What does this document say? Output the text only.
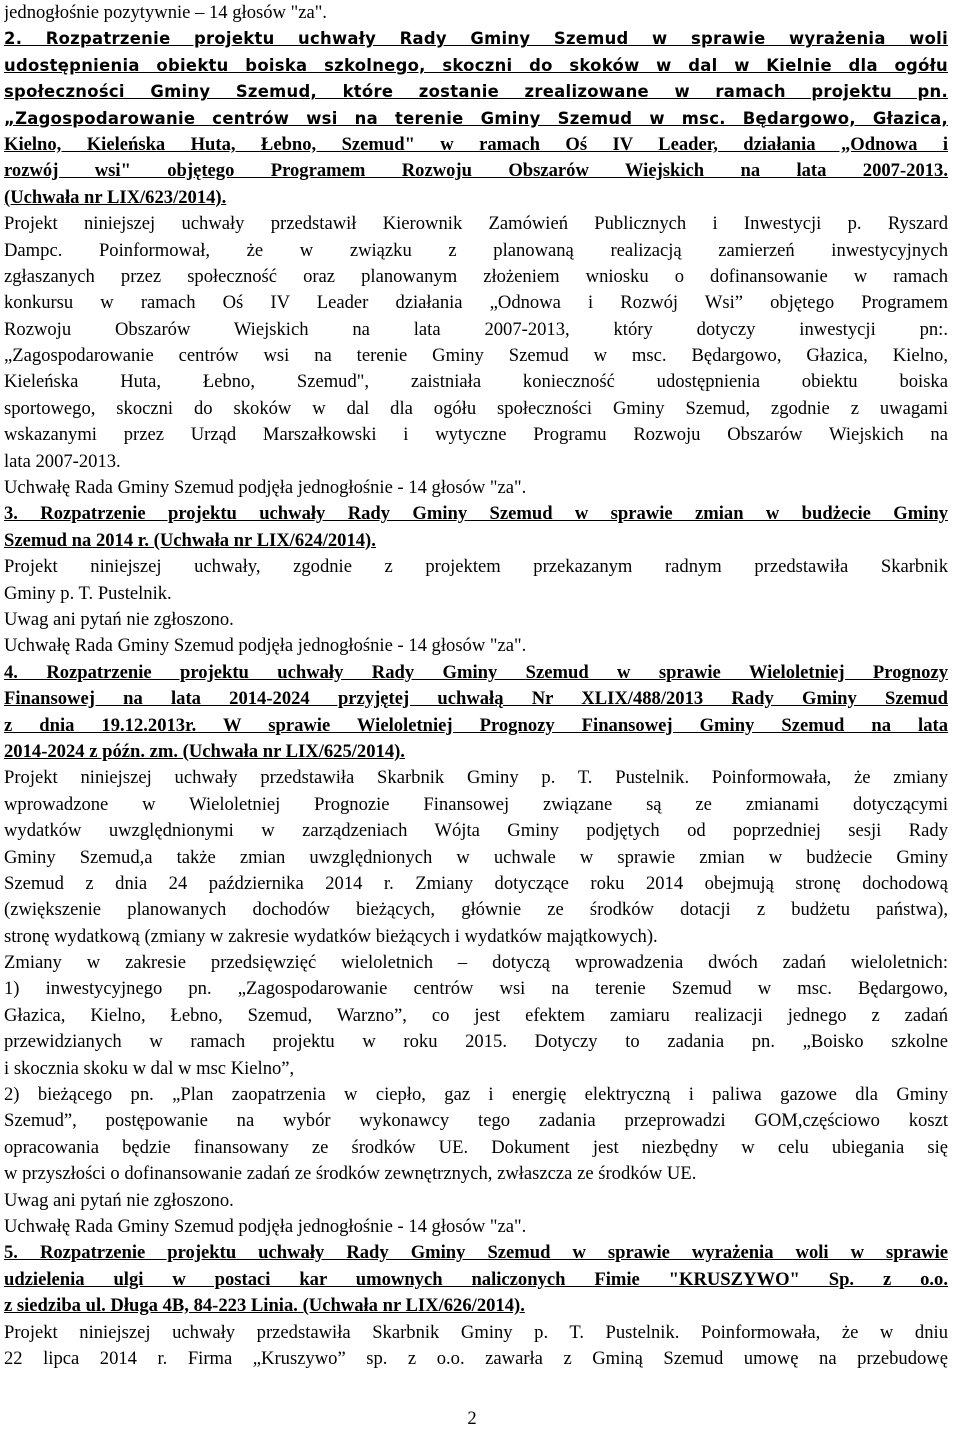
jednogłośnie pozytywnie – 14 głosów "za".
2. Rozpatrzenie projektu uchwały Rady Gminy Szemud w sprawie wyrażenia woli
udostępnienia obiektu boiska szkolnego, skoczni do skoków w dal w Kielnie dla ogółu
społeczności Gminy Szemud, które zostanie zrealizowane w ramach projektu pn.
„Zagospodarowanie centrów wsi na terenie Gminy Szemud w msc. Będargowo, Głazica,
Kielno, Kieleńska Huta, Łebno, Szemud" w ramach Oś IV Leader, działania „Odnowa i
rozwój wsi" objętego Programem Rozwoju Obszarów Wiejskich na lata 2007-2013.
(Uchwała nr LIX/623/2014).
Projekt niniejszej uchwały przedstawił Kierownik Zamówień Publicznych i Inwestycji p. Ryszard
Dampc. Poinformował, że w związku z planowaną realizacją zamierzeń inwestycyjnych
zgłaszanych przez społeczność oraz planowanym złożeniem wniosku o dofinansowanie w ramach
konkursu w ramach Oś IV Leader działania „Odnowa i Rozwój Wsi” objętego Programem
Rozwoju Obszarów Wiejskich na lata 2007-2013, który dotyczy inwestycji pn:.
„Zagospodarowanie centrów wsi na terenie Gminy Szemud w msc. Będargowo, Głazica, Kielno,
Kieleńska Huta, Łebno, Szemud", zaistniała konieczność udostępnienia obiektu boiska
sportowego, skoczni do skoków w dal dla ogółu społeczności Gminy Szemud, zgodnie z uwagami
wskazanymi przez Urząd Marszałkowski i wytyczne Programu Rozwoju Obszarów Wiejskich na
lata 2007-2013.
Uchwałę Rada Gminy Szemud podjęła jednogłośnie - 14 głosów "za".
3. Rozpatrzenie projektu uchwały Rady Gminy Szemud w sprawie zmian w budżecie Gminy
Szemud na 2014 r. (Uchwała nr LIX/624/2014).
Projekt niniejszej uchwały, zgodnie z projektem przekazanym radnym przedstawiła Skarbnik
Gminy p. T. Pustelnik.
Uwag ani pytań nie zgłoszono.
Uchwałę Rada Gminy Szemud podjęła jednogłośnie - 14 głosów "za".
4. Rozpatrzenie projektu uchwały Rady Gminy Szemud w sprawie Wieloletniej Prognozy
Finansowej na lata 2014-2024 przyjętej uchwałą Nr XLIX/488/2013 Rady Gminy Szemud
z dnia 19.12.2013r. W sprawie Wieloletniej Prognozy Finansowej Gminy Szemud na lata
2014-2024 z późn. zm. (Uchwała nr LIX/625/2014).
Projekt niniejszej uchwały przedstawiła Skarbnik Gminy p. T. Pustelnik. Poinformowała, że zmiany
wprowadzone w Wieloletniej Prognozie Finansowej związane są ze zmianami dotyczącymi
wydatków uwzględnionymi w zarządzeniach Wójta Gminy podjętych od poprzedniej sesji Rady
Gminy Szemud,a także zmian uwzględnionych w uchwale w sprawie zmian w budżecie Gminy
Szemud z dnia 24 października 2014 r. Zmiany dotyczące roku 2014 obejmują stronę dochodową
(zwiększenie planowanych dochodów bieżących, głównie ze środków dotacji z budżetu państwa),
stronę wydatkową (zmiany w zakresie wydatków bieżących i wydatków majątkowych).
Zmiany w zakresie przedsięwzięć wieloletnich – dotyczą wprowadzenia dwóch zadań wieloletnich:
1) inwestycyjnego pn. „Zagospodarowanie centrów wsi na terenie Szemud w msc. Będargowo,
Głazica, Kielno, Łebno, Szemud, Warzno”, co jest efektem zamiaru realizacji jednego z zadań
przewidzianych w ramach projektu w roku 2015. Dotyczy to zadania pn. „Boisko szkolne
i skocznia skoku w dal w msc Kielno”,
2) bieżącego pn. „Plan zaopatrzenia w ciepło, gaz i energię elektryczną i paliwa gazowe dla Gminy
Szemud”, postępowanie na wybór wykonawcy tego zadania przeprowadzi GOM,częściowo koszt
opracowania będzie finansowany ze środków UE. Dokument jest niezbędny w celu ubiegania się
w przyszłości o dofinansowanie zadań ze środków zewnętrznych, zwłaszcza ze środków UE.
Uwag ani pytań nie zgłoszono.
Uchwałę Rada Gminy Szemud podjęła jednogłośnie - 14 głosów "za".
5. Rozpatrzenie projektu uchwały Rady Gminy Szemud w sprawie wyrażenia woli w sprawie
udzielenia ulgi w postaci kar umownych naliczonych Fimie "KRUSZYWO" Sp. z o.o.
z siedziba ul. Długa 4B, 84-223 Linia. (Uchwała nr LIX/626/2014).
Projekt niniejszej uchwały przedstawiła Skarbnik Gminy p. T. Pustelnik. Poinformowała, że w dniu
22 lipca 2014 r. Firma „Kruszywo” sp. z o.o. zawarła z Gminą Szemud umowę na przebudowę
2
